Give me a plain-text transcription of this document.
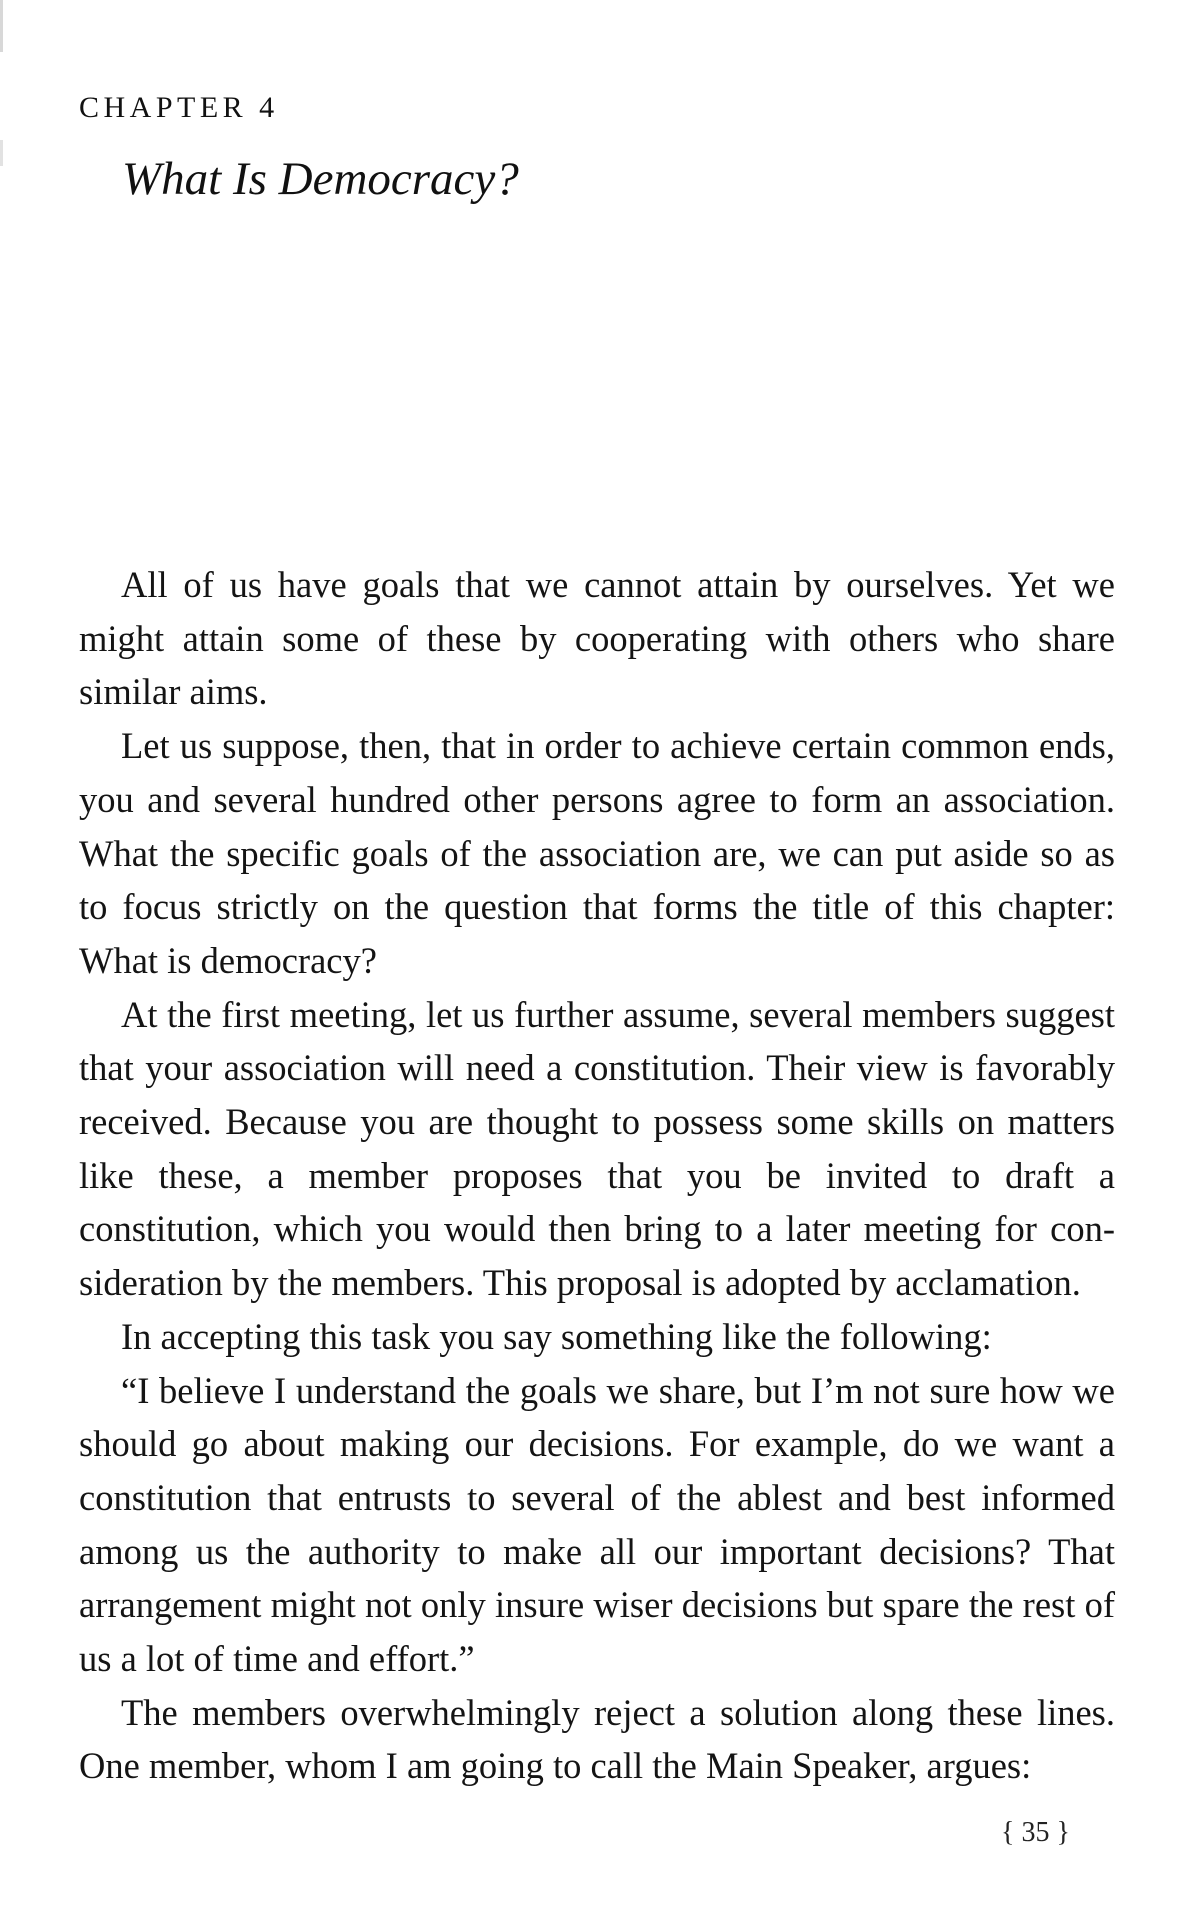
CHAPTER 4
What Is Democracy?

All of us have goals that we cannot attain by ourselves. Yet we might attain some of these by cooperating with others who share similar aims.

Let us suppose, then, that in order to achieve certain common ends, you and several hundred other persons agree to form an association. What the specific goals of the association are, we can put aside so as to focus strictly on the question that forms the title of this chapter: What is democracy?

At the first meeting, let us further assume, several members suggest that your association will need a constitution. Their view is favorably received. Because you are thought to possess some skills on matters like these, a member proposes that you be invited to draft a constitution, which you would then bring to a later meeting for consideration by the members. This proposal is adopted by acclamation.

In accepting this task you say something like the following:

“I believe I understand the goals we share, but I’m not sure how we should go about making our decisions. For example, do we want a constitution that entrusts to several of the ablest and best informed among us the authority to make all our important decisions? That arrangement might not only insure wiser decisions but spare the rest of us a lot of time and effort.”

The members overwhelmingly reject a solution along these lines. One member, whom I am going to call the Main Speaker, argues:

{ 35 }
